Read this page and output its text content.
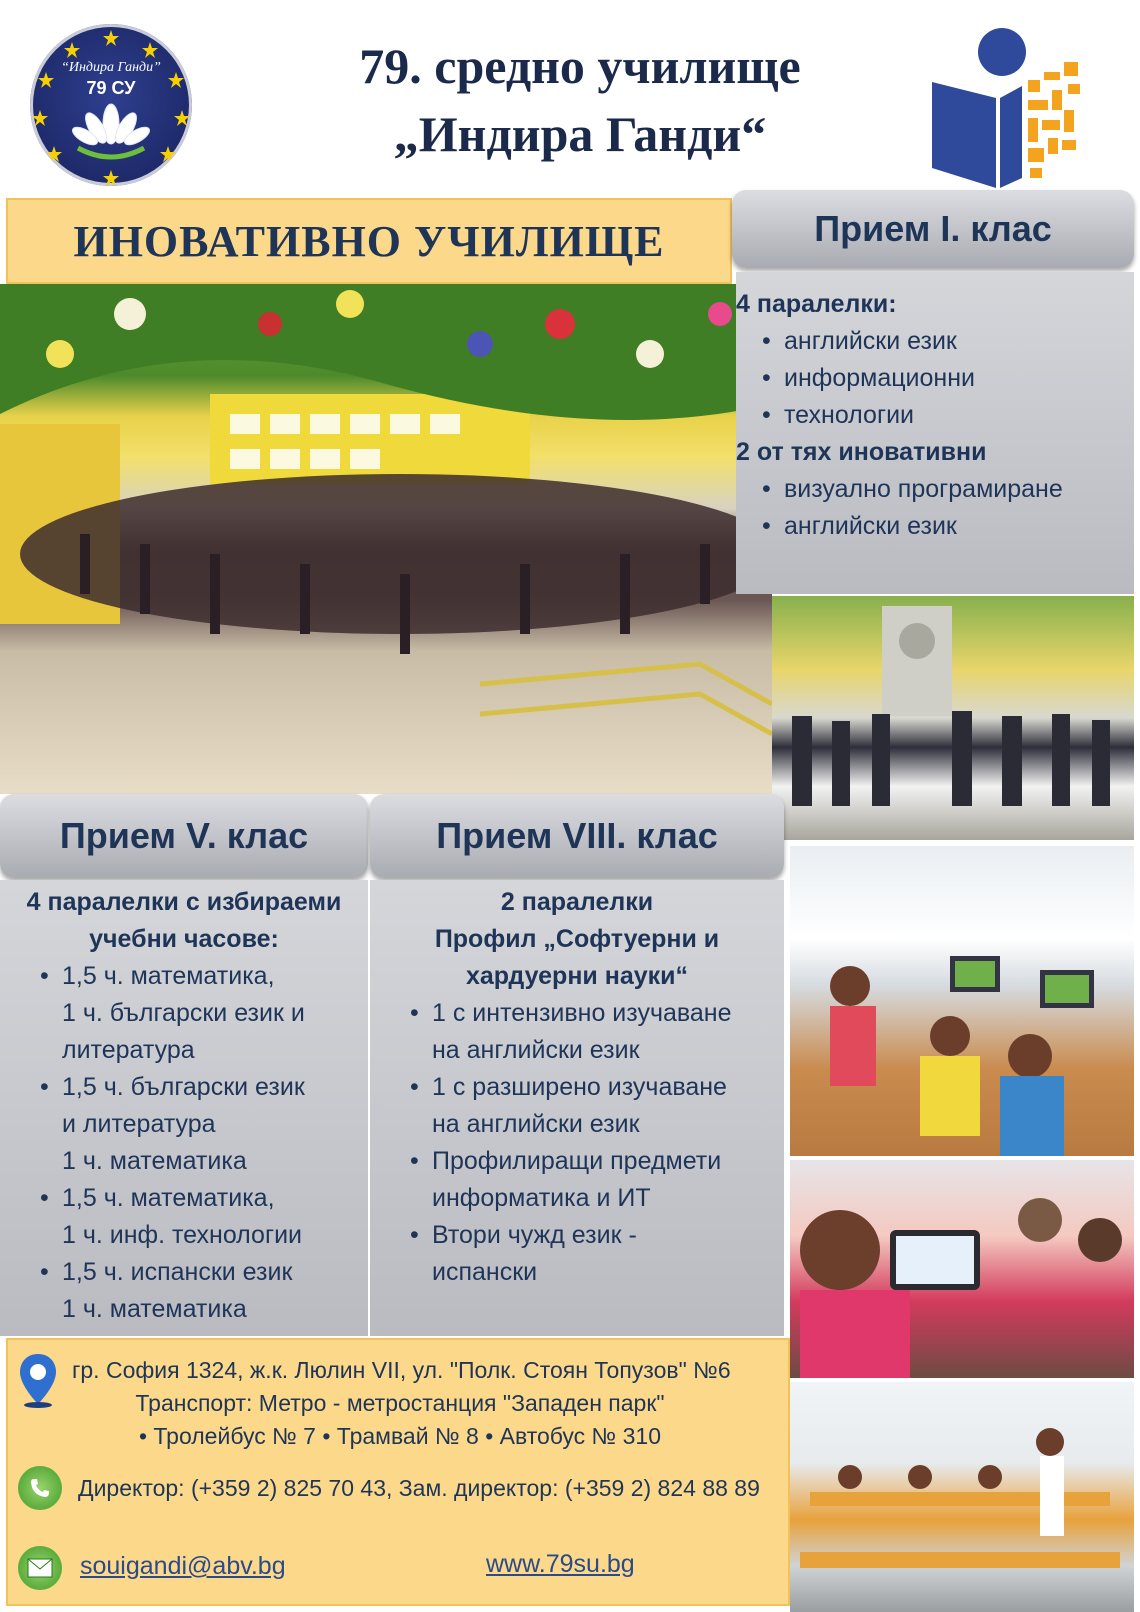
“Индира Ганди”
79 СУ	79. средно училище
„Индира Ганди“
ИНОВАТИВНО УЧИЛИЩЕ	Прием I. клас
4 паралелки:
• английски език
• информационни
• технологии
2 от тях иновативни
• визуално програмиране
• английски език
Прием V. клас
4 паралелки с избираеми
учебни часове:
• 1,5 ч. математика,
1 ч. български език и
литература
• 1,5 ч. български език
и литература
1 ч. математика
• 1,5 ч. математика,
1 ч. инф. технологии
• 1,5 ч. испански език
1 ч. математика
Прием VIII. клас
2 паралелки
Профил „Софтуерни и
хардуерни науки“
• 1 с интензивно изучаване
на английски език
• 1 с разширено изучаване
на английски език
• Профилиращи предмети
информатика и ИТ
• Втори чужд език -
испански
гр. София 1324, ж.к. Люлин VII, ул. "Полк. Стоян Топузов" №6
Транспорт: Метро - метростанция "Западен парк"
• Тролейбус № 7 • Трамвай № 8 • Автобус № 310
Директор: (+359 2) 825 70 43, Зам. директор: (+359 2) 824 88 89
souigandi@abv.bg	www.79su.bg
